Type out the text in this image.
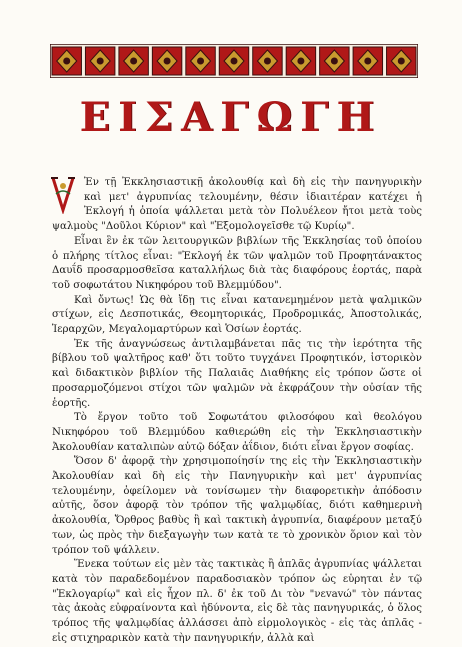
ΕΙΣΑΓΩΓΗ

Ἐν τῇ Ἐκκλησιαστικῇ ἀκολουθίᾳ καὶ δὴ εἰς τὴν πανηγυρικὴν καὶ μετ' ἀγρυπνίας τελουμένην, θέσιν ἰδιαιτέραν κατέχει ἡ Ἐκλογή ἡ ὁποία ψάλλεται μετὰ τὸν Πολυέλεον ἤτοι μετὰ τοὺς ψαλμοὺς "Δοῦλοι Κύριον" καὶ "Ἐξομολογεῖσθε τῷ Κυρίῳ".

Εἶναι ἓν ἐκ τῶν λειτουργικῶν βιβλίων τῆς Ἐκκλησίας τοῦ ὁποίου ὁ πλήρης τίτλος εἶναι: "Ἐκλογή ἐκ τῶν ψαλμῶν τοῦ Προφητάνακτος Δαυΐδ προσαρμοσθεῖσα καταλλήλως διὰ τὰς διαφόρους ἑορτάς, παρὰ τοῦ σοφωτάτου Νικηφόρου τοῦ Βλεμμύδου".

Καὶ ὄντως! Ὡς θὰ ἴδῃ τις εἶναι κατανεμημένον μετὰ ψαλμικῶν στίχων, εἰς Δεσποτικάς, Θεομητορικάς, Προδρομικάς, Ἀποστολικάς, Ἱεραρχῶν, Μεγαλομαρτύρων καὶ Ὁσίων ἑορτάς.

Ἐκ τῆς ἀναγνώσεως ἀντιλαμβάνεται πᾶς τις τὴν ἱερότητα τῆς βίβλου τοῦ ψαλτῆρος καθ' ὅτι τοῦτο τυγχάνει Προφητικόν, ἱστορικὸν καὶ διδακτικὸν βιβλίον τῆς Παλαιᾶς Διαθήκης εἰς τρόπον ὥστε οἱ προσαρμοζόμενοι στίχοι τῶν ψαλμῶν νὰ ἐκφράζουν τὴν οὐσίαν τῆς ἑορτῆς.

Τὸ ἔργον τοῦτο τοῦ Σοφωτάτου φιλοσόφου καὶ θεολόγου Νικηφόρου τοῦ Βλεμμύδου καθιερώθη εἰς τὴν Ἐκκλησιαστικὴν Ἀκολουθίαν καταλιπὼν αὐτῷ δόξαν ἀΐδιον, διότι εἶναι ἔργον σοφίας.

Ὅσον δ' ἀφορᾷ τὴν χρησιμοποίησίν της εἰς τὴν Ἐκκλησιαστικὴν Ἀκολουθίαν καὶ δὴ εἰς τὴν Πανηγυρικὴν καὶ μετ' ἀγρυπνίας τελουμένην, ὀφείλομεν νὰ τονίσωμεν τὴν διαφορετικὴν ἀπόδοσιν αὐτῆς, ὅσον ἀφορᾷ τὸν τρόπον τῆς ψαλμῳδίας, διότι καθημερινὴ ἀκολουθία, Ὄρθρος βαθὺς ἢ καὶ τακτικὴ ἀγρυπνία, διαφέρουν μεταξύ των, ὡς πρὸς τὴν διεξαγωγὴν των κατὰ τε τὸ χρονικὸν ὅριον καὶ τὸν τρόπον τοῦ ψάλλειν.

Ἕνεκα τούτων εἰς μὲν τὰς τακτικὰς ἢ ἁπλᾶς ἀγρυπνίας ψάλλεται κατὰ τὸν παραδεδομένον παραδοσιακὸν τρόπον ὡς εὑρηται ἐν τῷ "Ἐκλογαρίῳ" καὶ εἰς ἦχον πλ. δ' ἐκ τοῦ Δι τὸν "νεvavώ" τὸν πάντας τὰς ἀκοὰς εὐφραίνοντα καὶ ἡδύνοντα, εἰς δὲ τὰς πανηγυρικάς, ὁ ὅλος τρόπος τῆς ψαλμῳδίας ἀλλάσσει ἀπὸ εἱρμολογικὸς - εἰς τὰς ἁπλᾶς - εἰς στιχηραρικὸν κατὰ τὴν πανηγυρικήν, ἀλλὰ καὶ
